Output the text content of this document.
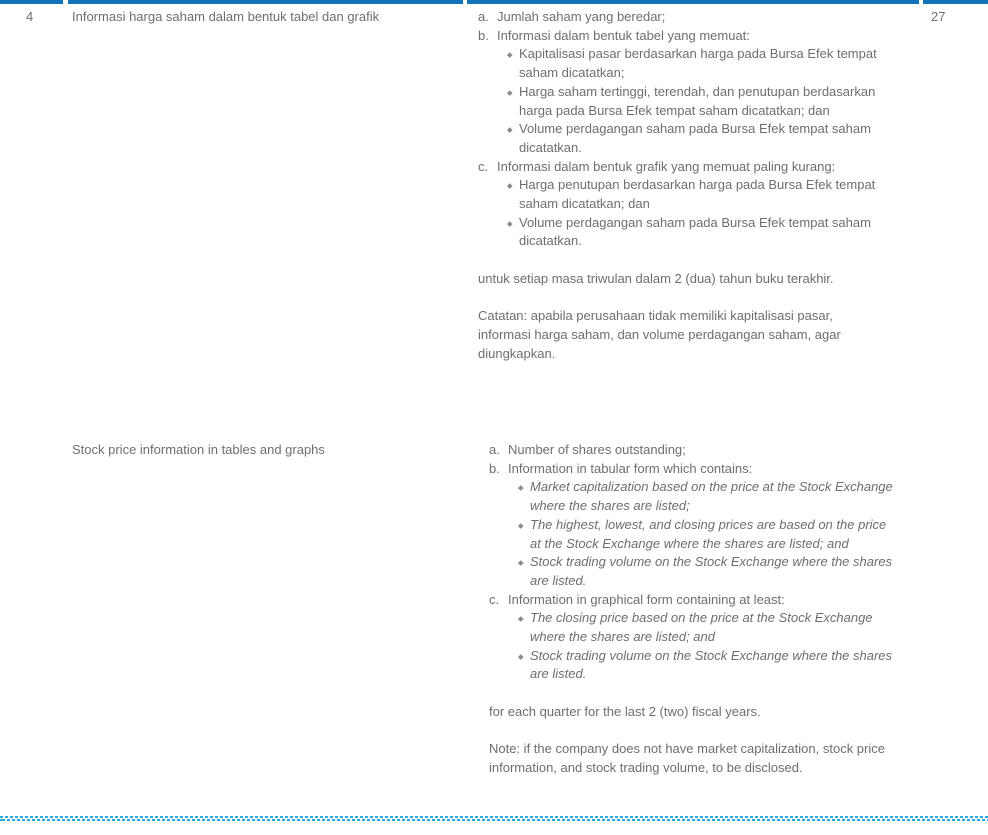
4	Informasi harga saham dalam bentuk tabel dan grafik
Stock price information in tables and graphs
a. Jumlah saham yang beredar;
b. Informasi dalam bentuk tabel yang memuat:
Kapitalisasi pasar berdasarkan harga pada Bursa Efek tempat saham dicatatkan;
Harga saham tertinggi, terendah, dan penutupan berdasarkan harga pada Bursa Efek tempat saham dicatatkan; dan
Volume perdagangan saham pada Bursa Efek tempat saham dicatatkan.
c. Informasi dalam bentuk grafik yang memuat paling kurang:
Harga penutupan berdasarkan harga pada Bursa Efek tempat saham dicatatkan; dan
Volume perdagangan saham pada Bursa Efek tempat saham dicatatkan.

untuk setiap masa triwulan dalam 2 (dua) tahun buku terakhir.

Catatan: apabila perusahaan tidak memiliki kapitalisasi pasar, informasi harga saham, dan volume perdagangan saham, agar diungkapkan.

a. Number of shares outstanding;
b. Information in tabular form which contains:
Market capitalization based on the price at the Stock Exchange where the shares are listed;
The highest, lowest, and closing prices are based on the price at the Stock Exchange where the shares are listed; and
Stock trading volume on the Stock Exchange where the shares are listed.
c. Information in graphical form containing at least:
The closing price based on the price at the Stock Exchange where the shares are listed; and
Stock trading volume on the Stock Exchange where the shares are listed.

for each quarter for the last 2 (two) fiscal years.

Note: if the company does not have market capitalization, stock price information, and stock trading volume, to be disclosed.

27
